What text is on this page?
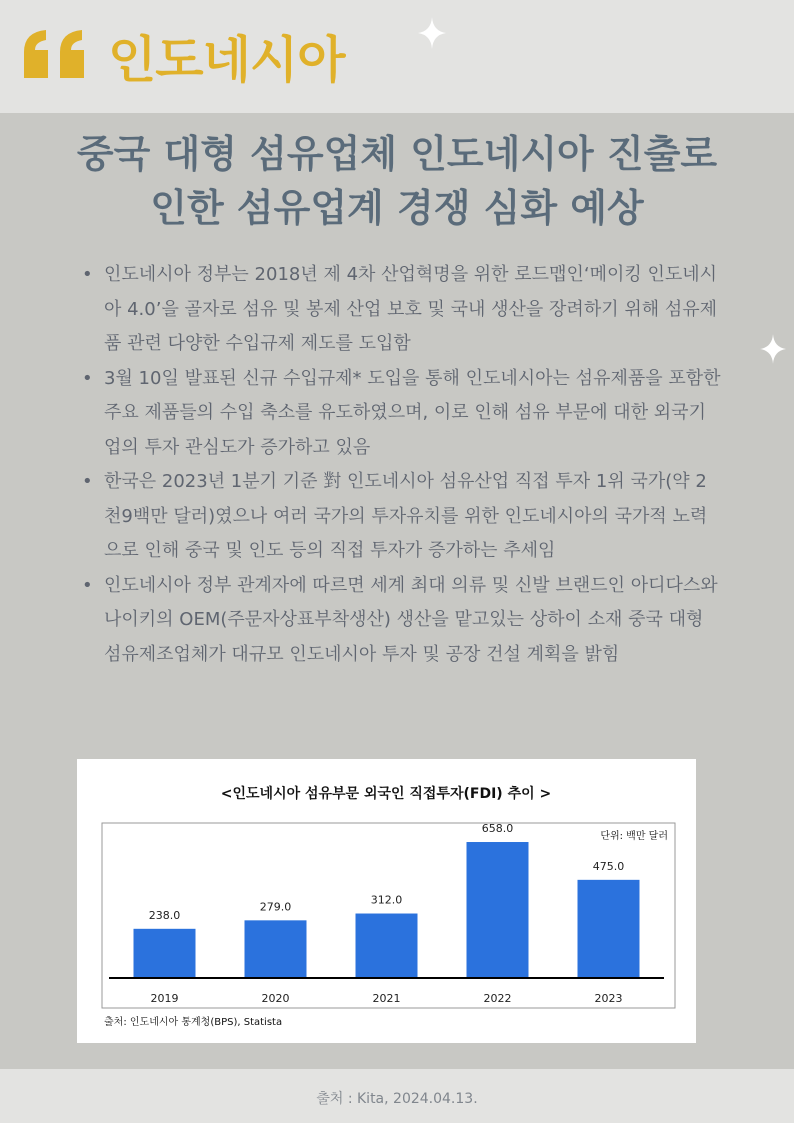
인도네시아
중국 대형 섬유업체 인도네시아 진출로
인한 섬유업계 경쟁 심화 예상
• 인도네시아 정부는 2018년 제 4차 산업혁명을 위한 로드맵인‘메이킹 인도네시아 4.0’을 골자로 섬유 및 봉제 산업 보호 및 국내 생산을 장려하기 위해 섬유제품 관련 다양한 수입규제 제도를 도입함
• 3월 10일 발표된 신규 수입규제* 도입을 통해 인도네시아는 섬유제품을 포함한 주요 제품들의 수입 축소를 유도하였으며, 이로 인해 섬유 부문에 대한 외국기업의 투자 관심도가 증가하고 있음
• 한국은 2023년 1분기 기준 對 인도네시아 섬유산업 직접 투자 1위 국가(약 2천9백만 달러)였으나 여러 국가의 투자유치를 위한 인도네시아의 국가적 노력으로 인해 중국 및 인도 등의 직접 투자가 증가하는 추세임
• 인도네시아 정부 관계자에 따르면 세계 최대 의류 및 신발 브랜드인 아디다스와 나이키의 OEM(주문자상표부착생산) 생산을 맡고있는 상하이 소재 중국 대형 섬유제조업체가 대규모 인도네시아 투자 및 공장 건설 계획을 밝힘
<인도네시아 섬유부문 외국인 직접투자(FDI) 추이 >
단위: 백만 달러
238.0
2019
279.0
2020
312.0
2021
658.0
2022
475.0
2023
출처: 인도네시아 통계청(BPS), Statista
출처 : Kita, 2024.04.13.
